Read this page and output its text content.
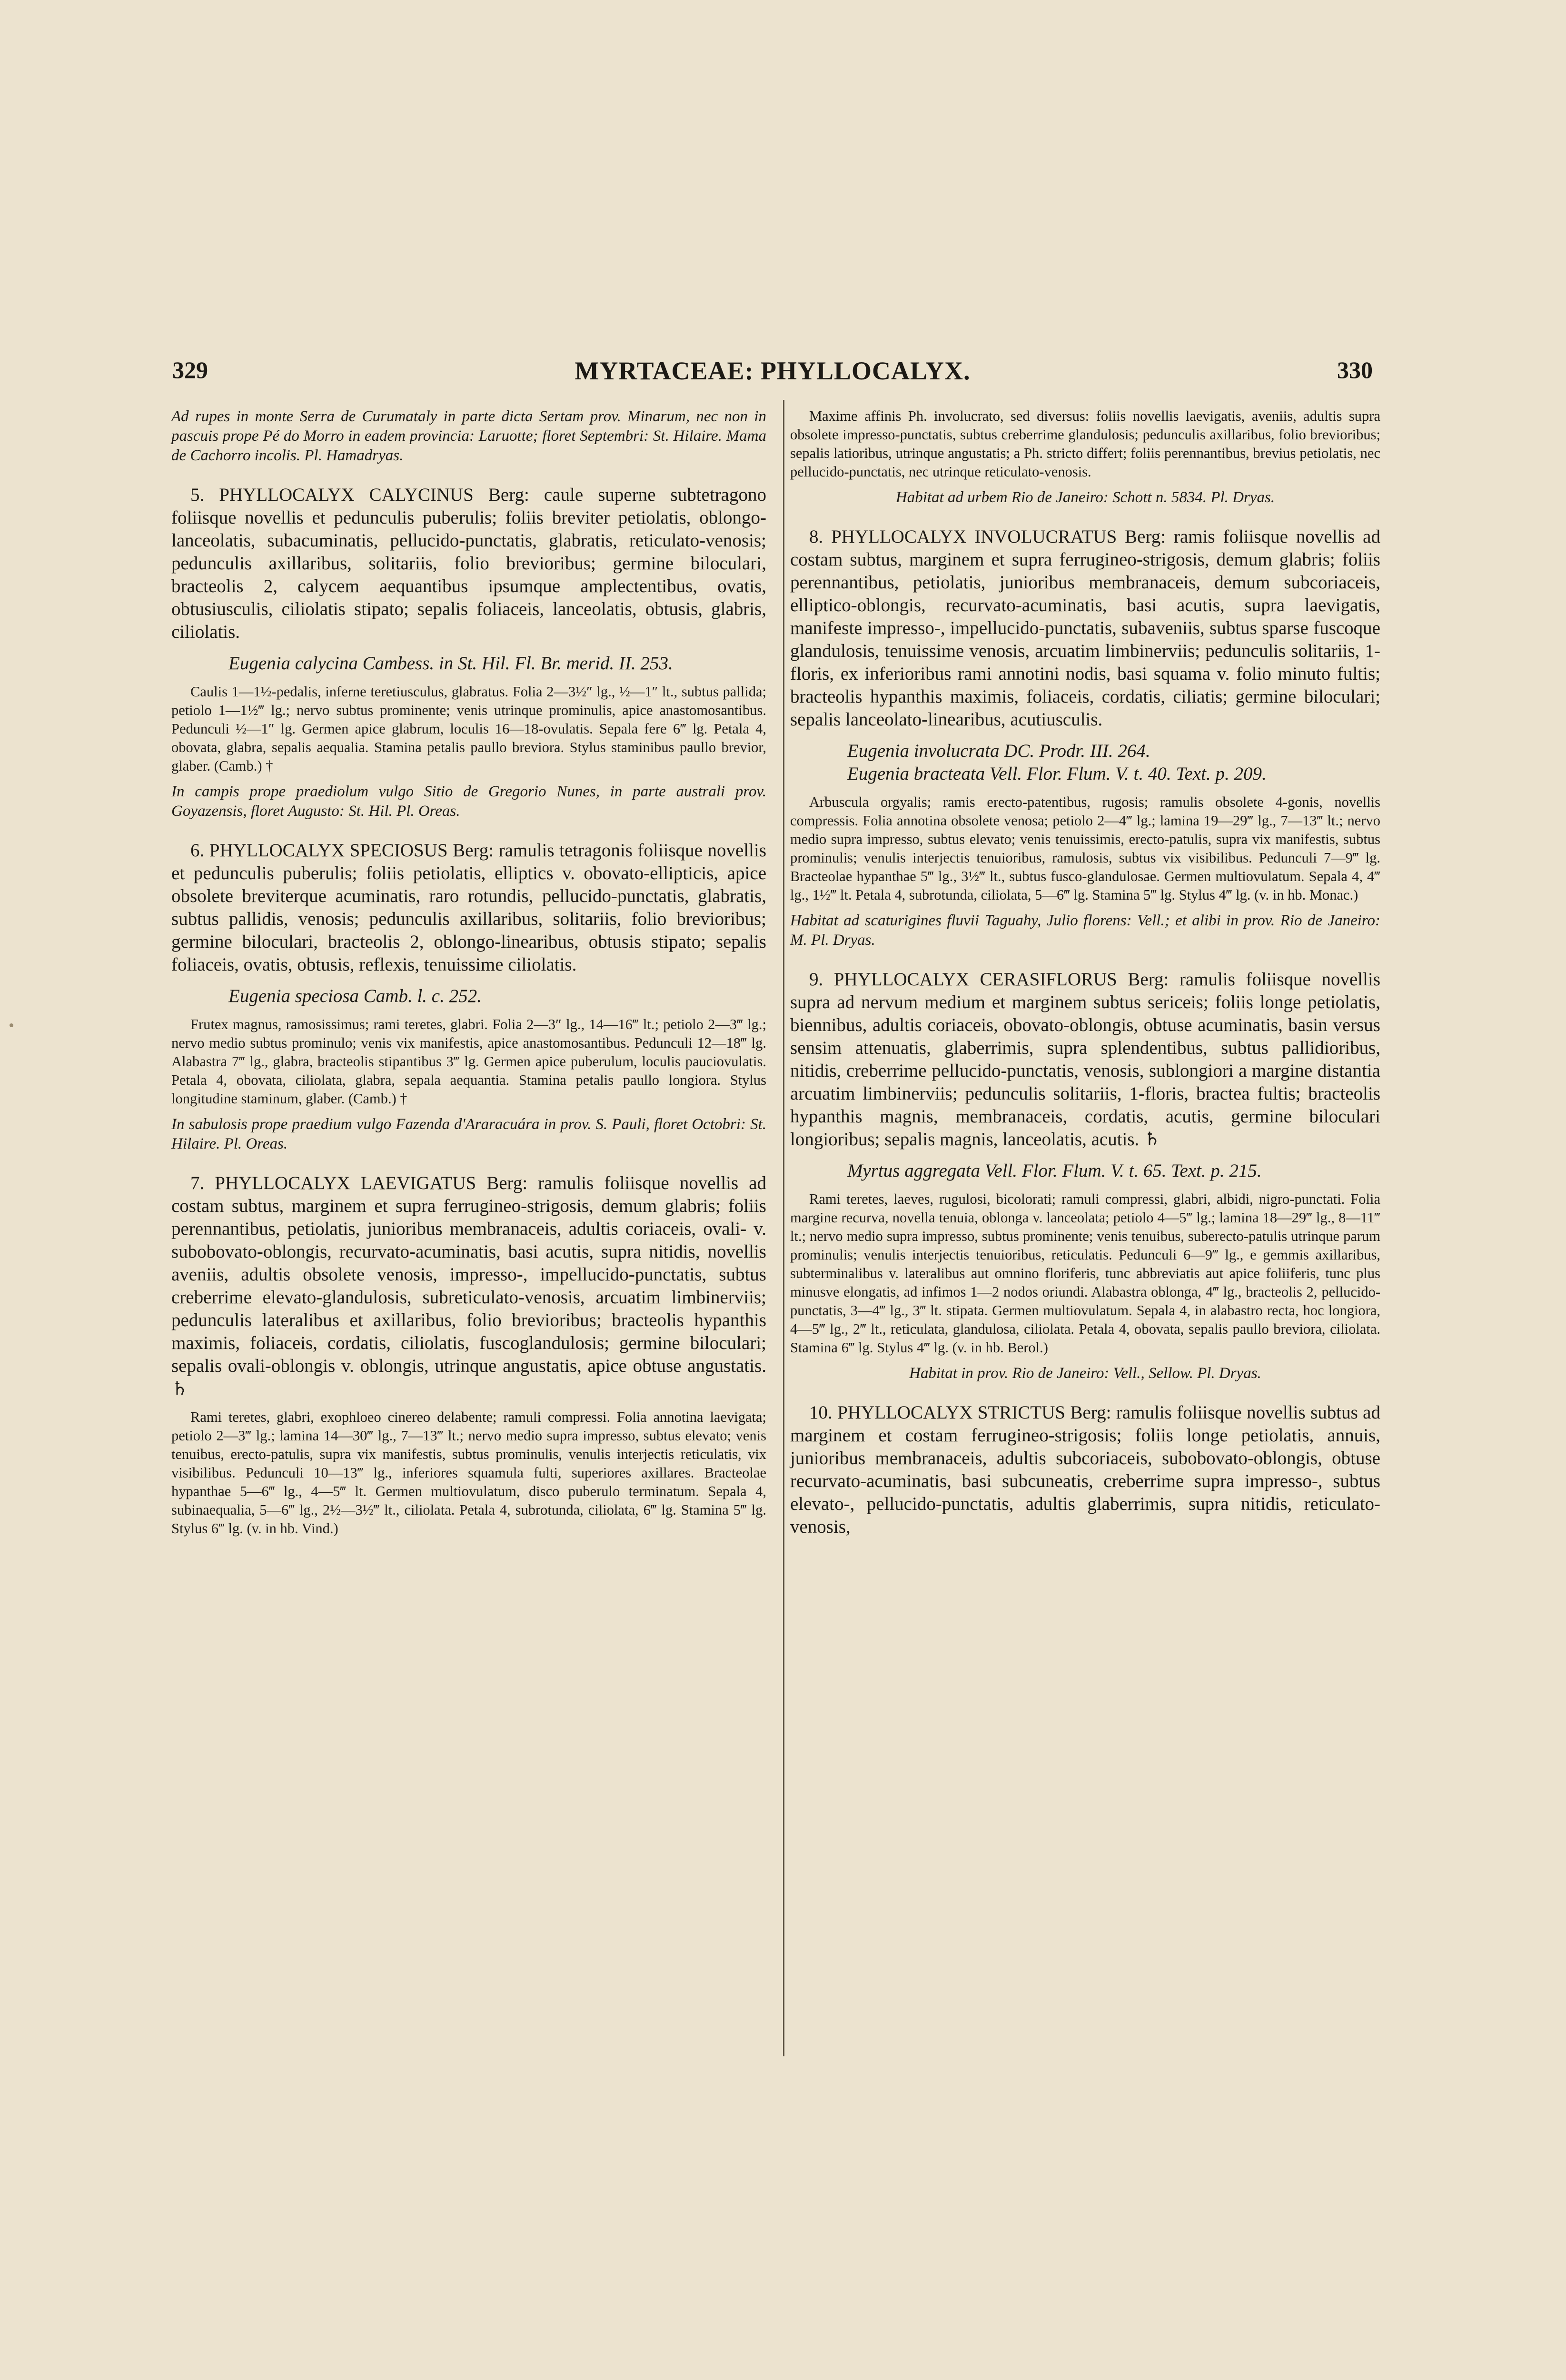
329	MYRTACEAE: PHYLLOCALYX.	330

Ad rupes in monte Serra de Curumataly in parte dicta Sertam prov. Minarum, nec non in pascuis prope Pé do Morro in eadem provincia: Laruotte; floret Septembri: St. Hilaire. Mama de Cachorro incolis. Pl. Hamadryas.

5. PHYLLOCALYX CALYCINUS Berg: caule superne subtetragono foliisque novellis et pedunculis puberulis; foliis breviter petiolatis, oblongo-lanceolatis, subacuminatis, pellucido-punctatis, glabratis, reticulato-venosis; pedunculis axillaribus, solitariis, folio brevioribus; germine biloculari, bracteolis 2, calycem aequantibus ipsumque amplectentibus, ovatis, obtusiusculis, ciliolatis stipato; sepalis foliaceis, lanceolatis, obtusis, glabris, ciliolatis.

Eugenia calycina Cambess. in St. Hil. Fl. Br. merid. II. 253.

Caulis 1—1½-pedalis, inferne teretiusculus, glabratus. Folia 2—3½″ lg., ½—1″ lt., subtus pallida; petiolo 1—1½‴ lg.; nervo subtus prominente; venis utrinque prominulis, apice anastomosantibus. Pedunculi ½—1″ lg. Germen apice glabrum, loculis 16—18-ovulatis. Sepala fere 6‴ lg. Petala 4, obovata, glabra, sepalis aequalia. Stamina petalis paullo breviora. Stylus staminibus paullo brevior, glaber. (Camb.) †

In campis prope praediolum vulgo Sitio de Gregorio Nunes, in parte australi prov. Goyazensis, floret Augusto: St. Hil. Pl. Oreas.

6. PHYLLOCALYX SPECIOSUS Berg: ramulis tetragonis foliisque novellis et pedunculis puberulis; foliis petiolatis, elliptics v. obovato-ellipticis, apice obsolete breviterque acuminatis, raro rotundis, pellucido-punctatis, glabratis, subtus pallidis, venosis; pedunculis axillaribus, solitariis, folio brevioribus; germine biloculari, bracteolis 2, oblongo-linearibus, obtusis stipato; sepalis foliaceis, ovatis, obtusis, reflexis, tenuissime ciliolatis.

Eugenia speciosa Camb. l. c. 252.

Frutex magnus, ramosissimus; rami teretes, glabri. Folia 2—3″ lg., 14—16‴ lt.; petiolo 2—3‴ lg.; nervo medio subtus prominulo; venis vix manifestis, apice anastomosantibus. Pedunculi 12—18‴ lg. Alabastra 7‴ lg., glabra, bracteolis stipantibus 3‴ lg. Germen apice puberulum, loculis pauciovulatis. Petala 4, obovata, ciliolata, glabra, sepala aequantia. Stamina petalis paullo longiora. Stylus longitudine staminum, glaber. (Camb.) †

In sabulosis prope praedium vulgo Fazenda d'Araracuára in prov. S. Pauli, floret Octobri: St. Hilaire. Pl. Oreas.

7. PHYLLOCALYX LAEVIGATUS Berg: ramulis foliisque novellis ad costam subtus, marginem et supra ferrugineo-strigosis, demum glabris; foliis perennantibus, petiolatis, junioribus membranaceis, adultis coriaceis, ovali- v. subobovato-oblongis, recurvato-acuminatis, basi acutis, supra nitidis, novellis aveniis, adultis obsolete venosis, impresso-, impellucido-punctatis, subtus creberrime elevato-glandulosis, subreticulato-venosis, arcuatim limbinerviis; pedunculis lateralibus et axillaribus, folio brevioribus; bracteolis hypanthis maximis, foliaceis, cordatis, ciliolatis, fuscoglandulosis; germine biloculari; sepalis ovali-oblongis v. oblongis, utrinque angustatis, apice obtuse angustatis. ♄

Rami teretes, glabri, exophloeo cinereo delabente; ramuli compressi. Folia annotina laevigata; petiolo 2—3‴ lg.; lamina 14—30‴ lg., 7—13‴ lt.; nervo medio supra impresso, subtus elevato; venis tenuibus, erecto-patulis, supra vix manifestis, subtus prominulis, venulis interjectis reticulatis, vix visibilibus. Pedunculi 10—13‴ lg., inferiores squamula fulti, superiores axillares. Bracteolae hypanthae 5—6‴ lg., 4—5‴ lt. Germen multiovulatum, disco puberulo terminatum. Sepala 4, subinaequalia, 5—6‴ lg., 2½—3½‴ lt., ciliolata. Petala 4, subrotunda, ciliolata, 6‴ lg. Stamina 5‴ lg. Stylus 6‴ lg. (v. in hb. Vind.)

Maxime affinis Ph. involucrato, sed diversus: foliis novellis laevigatis, aveniis, adultis supra obsolete impresso-punctatis, subtus creberrime glandulosis; pedunculis axillaribus, folio brevioribus; sepalis latioribus, utrinque angustatis; a Ph. stricto differt; foliis perennantibus, brevius petiolatis, nec pellucido-punctatis, nec utrinque reticulato-venosis.

Habitat ad urbem Rio de Janeiro: Schott n. 5834. Pl. Dryas.

8. PHYLLOCALYX INVOLUCRATUS Berg: ramis foliisque novellis ad costam subtus, marginem et supra ferrugineo-strigosis, demum glabris; foliis perennantibus, petiolatis, junioribus membranaceis, demum subcoriaceis, elliptico-oblongis, recurvato-acuminatis, basi acutis, supra laevigatis, manifeste impresso-, impellucido-punctatis, subaveniis, subtus sparse fuscoque glandulosis, tenuissime venosis, arcuatim limbinerviis; pedunculis solitariis, 1-floris, ex inferioribus rami annotini nodis, basi squama v. folio minuto fultis; bracteolis hypanthis maximis, foliaceis, cordatis, ciliatis; germine biloculari; sepalis lanceolato-linearibus, acutiusculis.

Eugenia involucrata DC. Prodr. III. 264.

Eugenia bracteata Vell. Flor. Flum. V. t. 40. Text. p. 209.

Arbuscula orgyalis; ramis erecto-patentibus, rugosis; ramulis obsolete 4-gonis, novellis compressis. Folia annotina obsolete venosa; petiolo 2—4‴ lg.; lamina 19—29‴ lg., 7—13‴ lt.; nervo medio supra impresso, subtus elevato; venis tenuissimis, erecto-patulis, supra vix manifestis, subtus prominulis; venulis interjectis tenuioribus, ramulosis, subtus vix visibilibus. Pedunculi 7—9‴ lg. Bracteolae hypanthae 5‴ lg., 3½‴ lt., subtus fusco-glandulosae. Germen multiovulatum. Sepala 4, 4‴ lg., 1½‴ lt. Petala 4, subrotunda, ciliolata, 5—6‴ lg. Stamina 5‴ lg. Stylus 4‴ lg. (v. in hb. Monac.)

Habitat ad scaturigines fluvii Taguahy, Julio florens: Vell.; et alibi in prov. Rio de Janeiro: M. Pl. Dryas.

9. PHYLLOCALYX CERASIFLORUS Berg: ramulis foliisque novellis supra ad nervum medium et marginem subtus sericeis; foliis longe petiolatis, biennibus, adultis coriaceis, obovato-oblongis, obtuse acuminatis, basin versus sensim attenuatis, glaberrimis, supra splendentibus, subtus pallidioribus, nitidis, creberrime pellucido-punctatis, venosis, sublongiori a margine distantia arcuatim limbinerviis; pedunculis solitariis, 1-floris, bractea fultis; bracteolis hypanthis magnis, membranaceis, cordatis, acutis, germine biloculari longioribus; sepalis magnis, lanceolatis, acutis. ♄

Myrtus aggregata Vell. Flor. Flum. V. t. 65. Text. p. 215.

Rami teretes, laeves, rugulosi, bicolorati; ramuli compressi, glabri, albidi, nigro-punctati. Folia margine recurva, novella tenuia, oblonga v. lanceolata; petiolo 4—5‴ lg.; lamina 18—29‴ lg., 8—11‴ lt.; nervo medio supra impresso, subtus prominente; venis tenuibus, suberecto-patulis utrinque parum prominulis; venulis interjectis tenuioribus, reticulatis. Pedunculi 6—9‴ lg., e gemmis axillaribus, subterminalibus v. lateralibus aut omnino floriferis, tunc abbreviatis aut apice foliiferis, tunc plus minusve elongatis, ad infimos 1—2 nodos oriundi. Alabastra oblonga, 4‴ lg., bracteolis 2, pellucido-punctatis, 3—4‴ lg., 3‴ lt. stipata. Germen multiovulatum. Sepala 4, in alabastro recta, hoc longiora, 4—5‴ lg., 2‴ lt., reticulata, glandulosa, ciliolata. Petala 4, obovata, sepalis paullo breviora, ciliolata. Stamina 6‴ lg. Stylus 4‴ lg. (v. in hb. Berol.)

Habitat in prov. Rio de Janeiro: Vell., Sellow. Pl. Dryas.

10. PHYLLOCALYX STRICTUS Berg: ramulis foliisque novellis subtus ad marginem et costam ferrugineo-strigosis; foliis longe petiolatis, annuis, junioribus membranaceis, adultis subcoriaceis, subobovato-oblongis, obtuse recurvato-acuminatis, basi subcuneatis, creberrime supra impresso-, subtus elevato-, pellucido-punctatis, adultis glaberrimis, supra nitidis, reticulato-venosis,
